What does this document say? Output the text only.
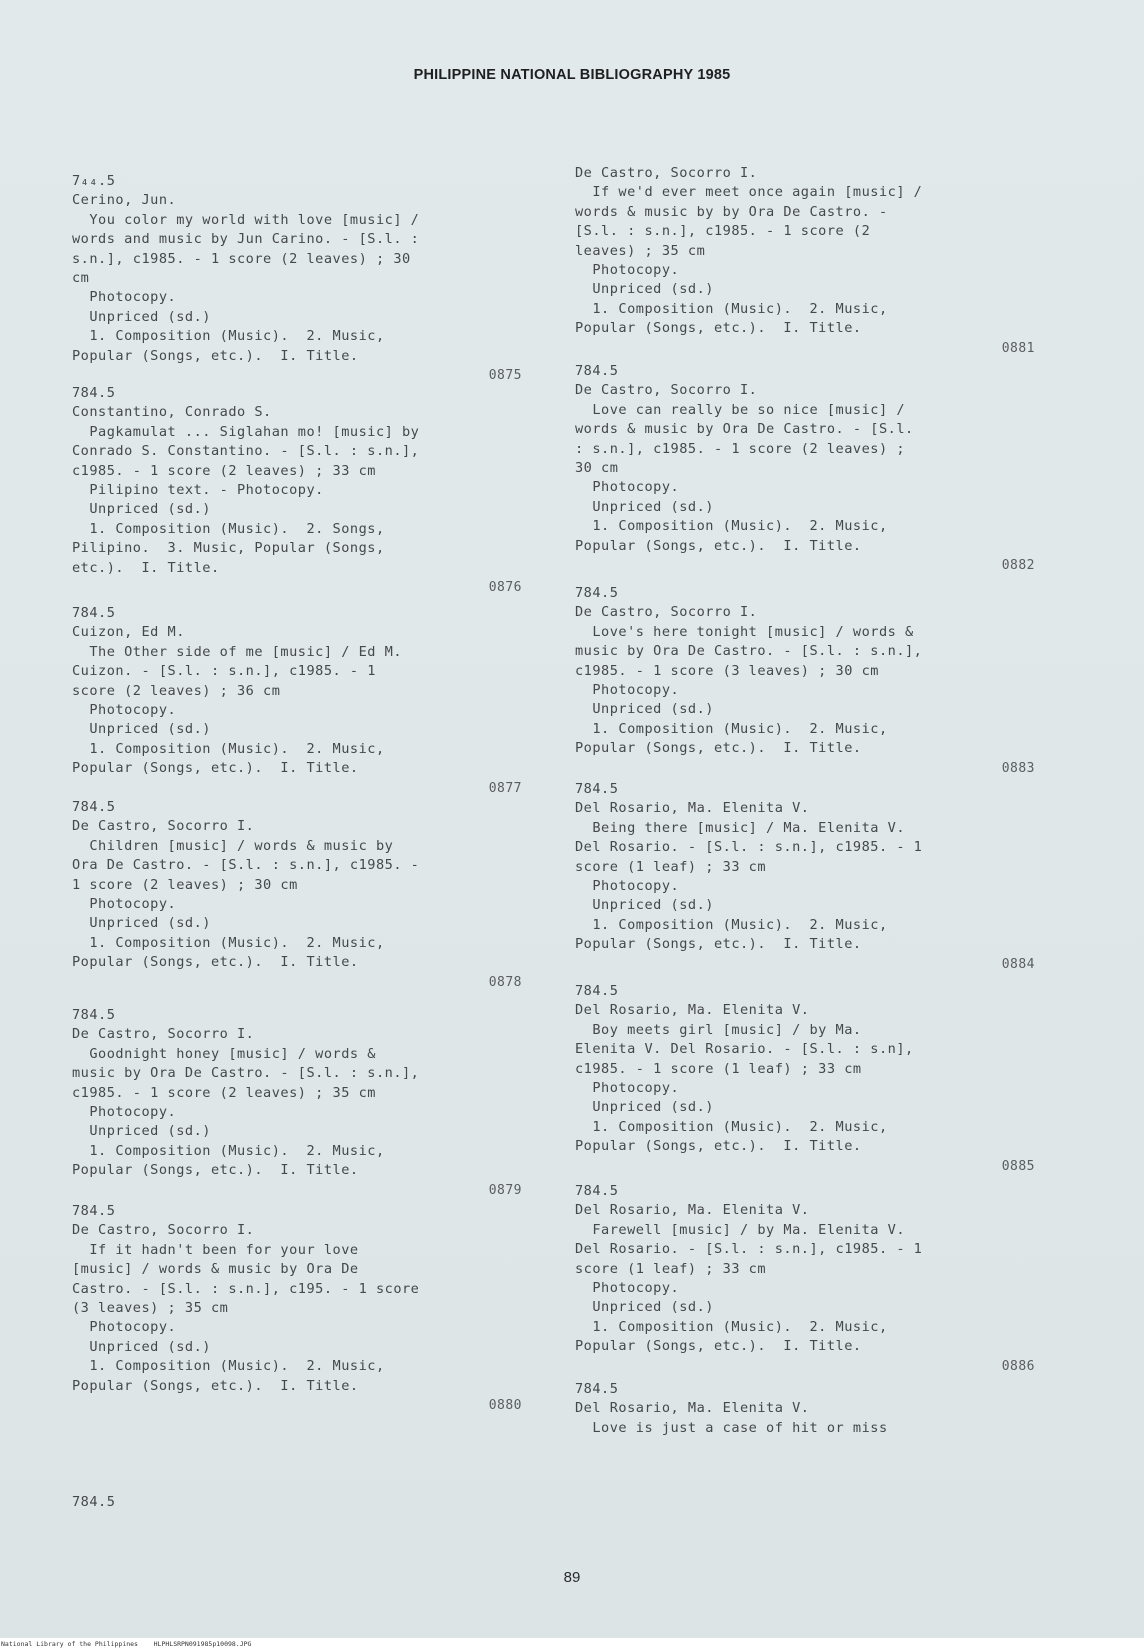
PHILIPPINE NATIONAL BIBLIOGRAPHY 1985
7₄₄.5
Cerino, Jun.
You color my world with love [music] /
words and music by Jun Carino. - [S.l. :
s.n.], c1985. - 1 score (2 leaves) ; 30
cm
Photocopy.
Unpriced (sd.)
1. Composition (Music).  2. Music,
Popular (Songs, etc.).  I. Title.
0875
784.5
Constantino, Conrado S.
Pagkamulat ... Siglahan mo! [music] by
Conrado S. Constantino. - [S.l. : s.n.],
c1985. - 1 score (2 leaves) ; 33 cm
Pilipino text. - Photocopy.
Unpriced (sd.)
1. Composition (Music).  2. Songs,
Pilipino.  3. Music, Popular (Songs,
etc.).  I. Title.
0876
784.5
Cuizon, Ed M.
The Other side of me [music] / Ed M.
Cuizon. - [S.l. : s.n.], c1985. - 1
score (2 leaves) ; 36 cm
Photocopy.
Unpriced (sd.)
1. Composition (Music).  2. Music,
Popular (Songs, etc.).  I. Title.
0877
784.5
De Castro, Socorro I.
Children [music] / words & music by
Ora De Castro. - [S.l. : s.n.], c1985. -
1 score (2 leaves) ; 30 cm
Photocopy.
Unpriced (sd.)
1. Composition (Music).  2. Music,
Popular (Songs, etc.).  I. Title.
0878
784.5
De Castro, Socorro I.
Goodnight honey [music] / words &
music by Ora De Castro. - [S.l. : s.n.],
c1985. - 1 score (2 leaves) ; 35 cm
Photocopy.
Unpriced (sd.)
1. Composition (Music).  2. Music,
Popular (Songs, etc.).  I. Title.
0879
784.5
De Castro, Socorro I.
If it hadn't been for your love
[music] / words & music by Ora De
Castro. - [S.l. : s.n.], c195. - 1 score
(3 leaves) ; 35 cm
Photocopy.
Unpriced (sd.)
1. Composition (Music).  2. Music,
Popular (Songs, etc.).  I. Title.
0880
De Castro, Socorro I.
If we'd ever meet once again [music] /
words & music by by Ora De Castro. -
[S.l. : s.n.], c1985. - 1 score (2
leaves) ; 35 cm
Photocopy.
Unpriced (sd.)
1. Composition (Music).  2. Music,
Popular (Songs, etc.).  I. Title.
0881
784.5
De Castro, Socorro I.
Love can really be so nice [music] /
words & music by Ora De Castro. - [S.l.
: s.n.], c1985. - 1 score (2 leaves) ;
30 cm
Photocopy.
Unpriced (sd.)
1. Composition (Music).  2. Music,
Popular (Songs, etc.).  I. Title.
0882
784.5
De Castro, Socorro I.
Love's here tonight [music] / words &
music by Ora De Castro. - [S.l. : s.n.],
c1985. - 1 score (3 leaves) ; 30 cm
Photocopy.
Unpriced (sd.)
1. Composition (Music).  2. Music,
Popular (Songs, etc.).  I. Title.
0883
784.5
Del Rosario, Ma. Elenita V.
Being there [music] / Ma. Elenita V.
Del Rosario. - [S.l. : s.n.], c1985. - 1
score (1 leaf) ; 33 cm
Photocopy.
Unpriced (sd.)
1. Composition (Music).  2. Music,
Popular (Songs, etc.).  I. Title.
0884
784.5
Del Rosario, Ma. Elenita V.
Boy meets girl [music] / by Ma.
Elenita V. Del Rosario. - [S.l. : s.n],
c1985. - 1 score (1 leaf) ; 33 cm
Photocopy.
Unpriced (sd.)
1. Composition (Music).  2. Music,
Popular (Songs, etc.).  I. Title.
0885
784.5
Del Rosario, Ma. Elenita V.
Farewell [music] / by Ma. Elenita V.
Del Rosario. - [S.l. : s.n.], c1985. - 1
score (1 leaf) ; 33 cm
Photocopy.
Unpriced (sd.)
1. Composition (Music).  2. Music,
Popular (Songs, etc.).  I. Title.
0886
784.5
Del Rosario, Ma. Elenita V.
Love is just a case of hit or miss
784.5
89
National Library of the Philippines HLPHLSRPN091985p10098.JPG
